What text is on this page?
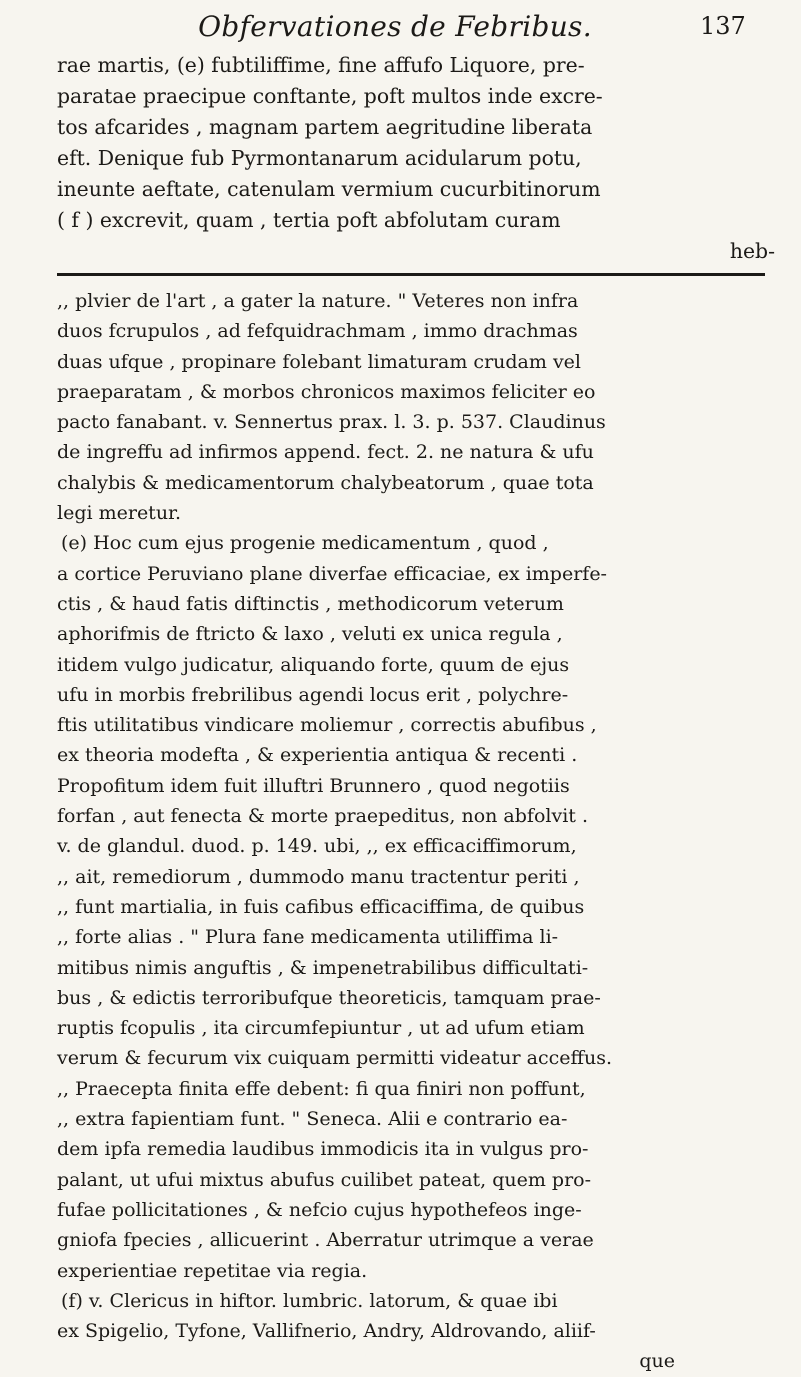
Obfervationes de Febribus.	137
rae martis, (e) fubtiliffime, fine affufo Liquore, pre-
paratae praecipue conftante, poft multos inde excre-
tos afcarides , magnam partem aegritudine liberata
eft. Denique fub Pyrmontanarum acidularum potu,
ineunte aeftate, catenulam vermium cucurbitinorum
( f ) excrevit, quam , tertia poft abfolutam curam
heb-
,, plvier de l'art , a gater la nature. " Veteres non infra
duos fcrupulos , ad fefquidrachmam , immo drachmas
duas ufque , propinare folebant limaturam crudam vel
praeparatam , & morbos chronicos maximos feliciter eo
pacto fanabant. v. Sennertus prax. l. 3. p. 537. Claudinus
de ingreffu ad infirmos append. fect. 2. ne natura & ufu
chalybis & medicamentorum chalybeatorum , quae tota
legi meretur.
(e) Hoc cum ejus progenie medicamentum , quod ,
a cortice Peruviano plane diverfae efficaciae, ex imperfe-
ctis , & haud fatis diftinctis , methodicorum veterum
aphorifmis de ftricto & laxo , veluti ex unica regula ,
itidem vulgo judicatur, aliquando forte, quum de ejus
ufu in morbis frebrilibus agendi locus erit , polychre-
ftis utilitatibus vindicare moliemur , correctis abufibus ,
ex theoria modefta , & experientia antiqua & recenti .
Propofitum idem fuit illuftri Brunnero , quod negotiis
forfan , aut fenecta & morte praepeditus, non abfolvit .
v. de glandul. duod. p. 149. ubi, ,, ex efficaciffimorum,
,, ait, remediorum , dummodo manu tractentur periti ,
,, funt martialia, in fuis cafibus efficaciffima, de quibus
,, forte alias . " Plura fane medicamenta utiliffima li-
mitibus nimis anguftis , & impenetrabilibus difficultati-
bus , & edictis terroribufque theoreticis, tamquam prae-
ruptis fcopulis , ita circumfepiuntur , ut ad ufum etiam
verum & fecurum vix cuiquam permitti videatur acceffus.
,, Praecepta finita effe debent: fi qua finiri non poffunt,
,, extra fapientiam funt. " Seneca. Alii e contrario ea-
dem ipfa remedia laudibus immodicis ita in vulgus pro-
palant, ut ufui mixtus abufus cuilibet pateat, quem pro-
fufae pollicitationes , & nefcio cujus hypothefeos inge-
gniofa fpecies , allicuerint . Aberratur utrimque a verae
experientiae repetitae via regia.
(f) v. Clericus in hiftor. lumbric. latorum, & quae ibi
ex Spigelio, Tyfone, Vallifnerio, Andry, Aldrovando, aliif-
que
